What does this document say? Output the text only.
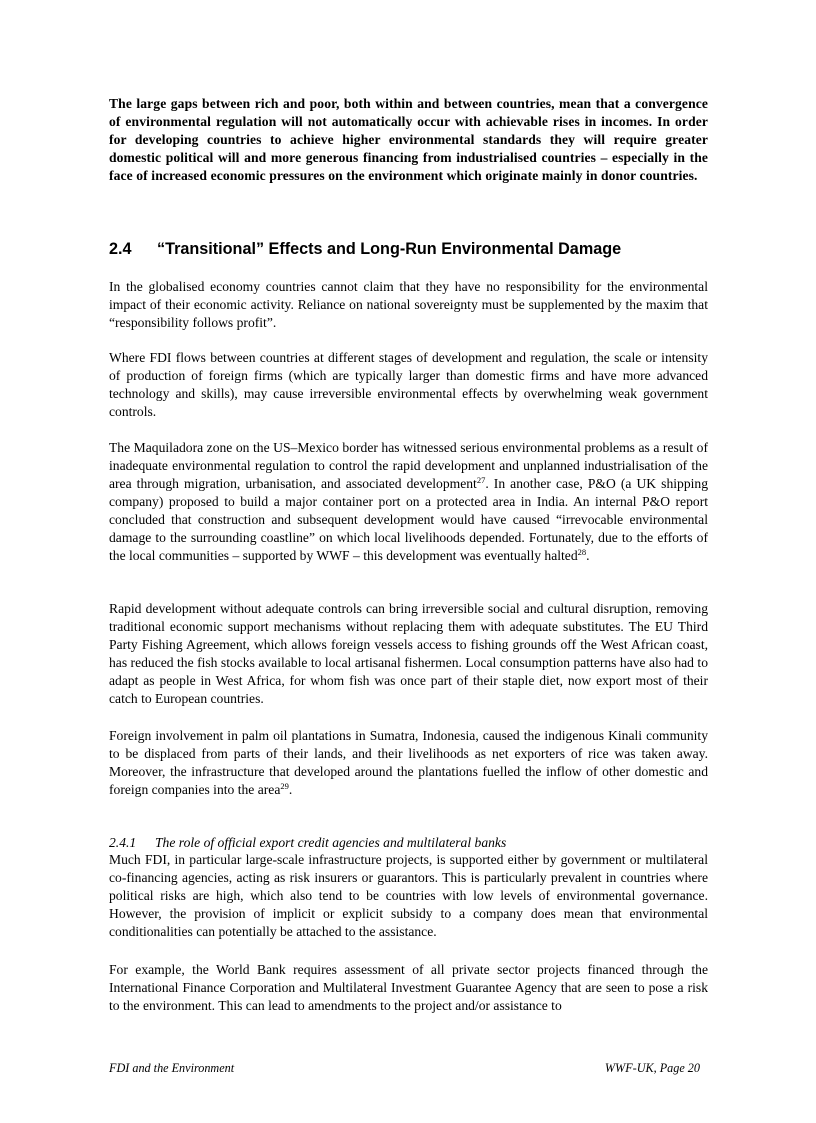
The large gaps between rich and poor, both within and between countries, mean that a convergence of environmental regulation will not automatically occur with achievable rises in incomes. In order for developing countries to achieve higher environmental standards they will require greater domestic political will and more generous financing from industrialised countries – especially in the face of increased economic pressures on the environment which originate mainly in donor countries.

2.4 “Transitional” Effects and Long-Run Environmental Damage

In the globalised economy countries cannot claim that they have no responsibility for the environmental impact of their economic activity. Reliance on national sovereignty must be supplemented by the maxim that “responsibility follows profit”.

Where FDI flows between countries at different stages of development and regulation, the scale or intensity of production of foreign firms (which are typically larger than domestic firms and have more advanced technology and skills), may cause irreversible environmental effects by overwhelming weak government controls.

The Maquiladora zone on the US–Mexico border has witnessed serious environmental problems as a result of inadequate environmental regulation to control the rapid development and unplanned industrialisation of the area through migration, urbanisation, and associated development$^{27}$. In another case, P&O (a UK shipping company) proposed to build a major container port on a protected area in India. An internal P&O report concluded that construction and subsequent development would have caused “irrevocable environmental damage to the surrounding coastline” on which local livelihoods depended. Fortunately, due to the efforts of the local communities – supported by WWF – this development was eventually halted$^{28}$.

Rapid development without adequate controls can bring irreversible social and cultural disruption, removing traditional economic support mechanisms without replacing them with adequate substitutes. The EU Third Party Fishing Agreement, which allows foreign vessels access to fishing grounds off the West African coast, has reduced the fish stocks available to local artisanal fishermen. Local consumption patterns have also had to adapt as people in West Africa, for whom fish was once part of their staple diet, now export most of their catch to European countries.

Foreign involvement in palm oil plantations in Sumatra, Indonesia, caused the indigenous Kinali community to be displaced from parts of their lands, and their livelihoods as net exporters of rice was taken away. Moreover, the infrastructure that developed around the plantations fuelled the inflow of other domestic and foreign companies into the area$^{29}$.

2.4.1 The role of official export credit agencies and multilateral banks

Much FDI, in particular large-scale infrastructure projects, is supported either by government or multilateral co-financing agencies, acting as risk insurers or guarantors. This is particularly prevalent in countries where political risks are high, which also tend to be countries with low levels of environmental governance. However, the provision of implicit or explicit subsidy to a company does mean that environmental conditionalities can potentially be attached to the assistance.

For example, the World Bank requires assessment of all private sector projects financed through the International Finance Corporation and Multilateral Investment Guarantee Agency that are seen to pose a risk to the environment. This can lead to amendments to the project and/or assistance to

FDI and the Environment	WWF-UK, Page 20
